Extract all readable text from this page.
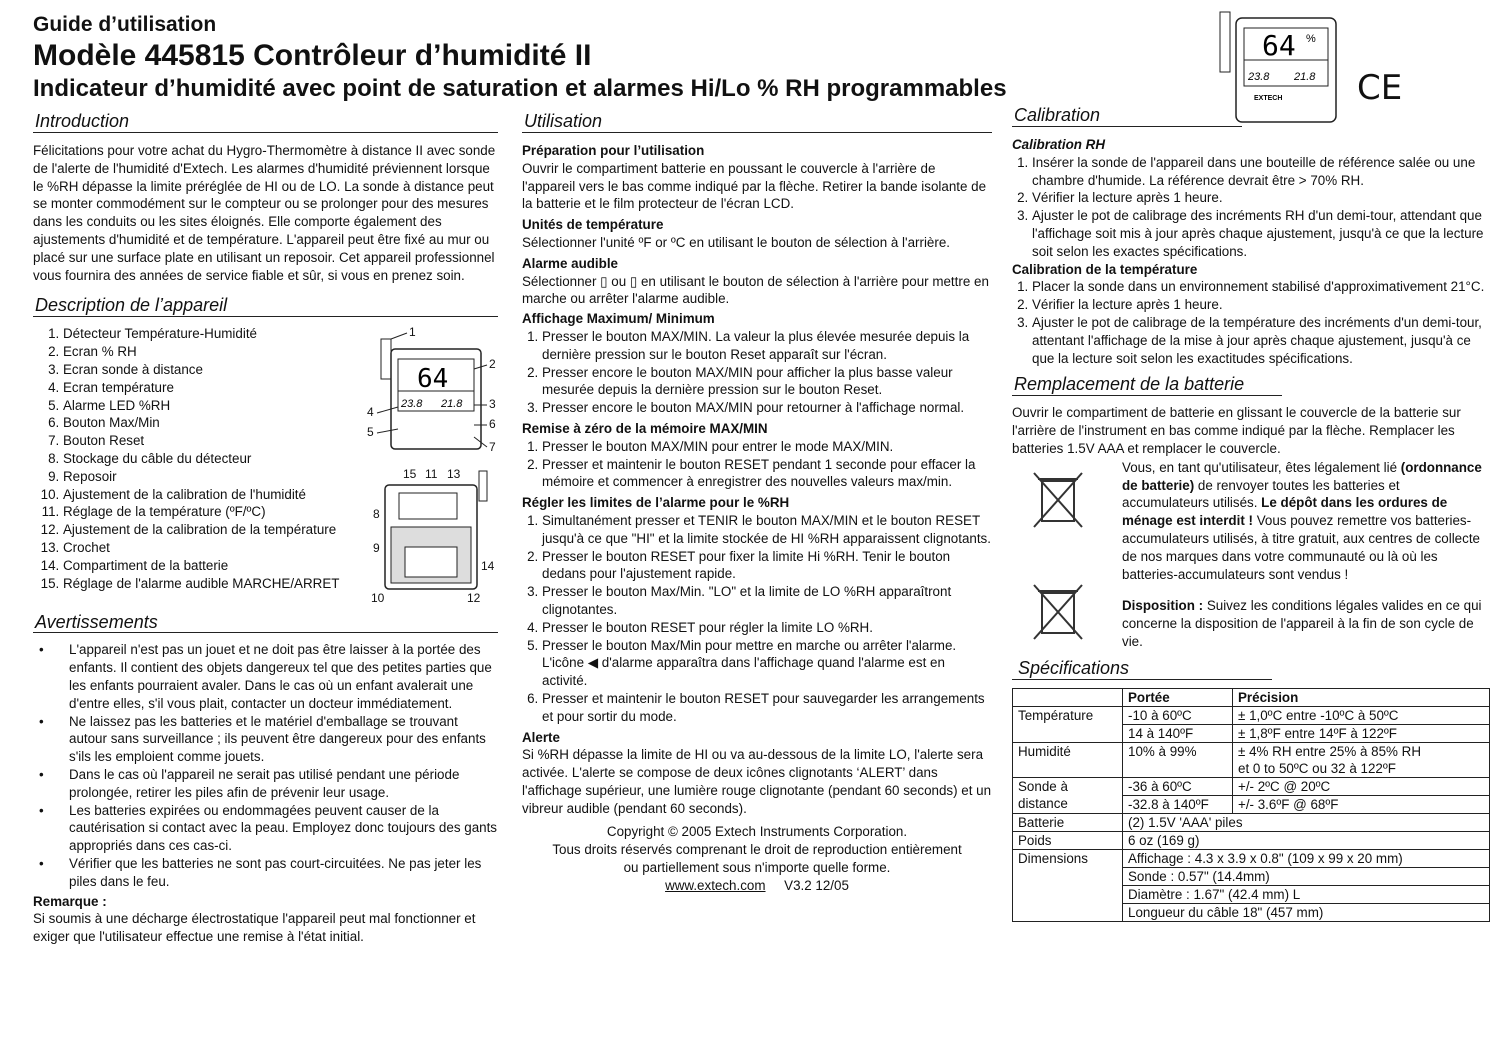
Guide d’utilisation
Modèle 445815 Contrôleur d’humidité II
Indicateur d’humidité avec point de saturation et alarmes Hi/Lo % RH programmables
64 %
23.8 21.8
EXTECH CE
Introduction

Félicitations pour votre achat du Hygro-Thermomètre à distance II avec sonde de l'alerte de l'humidité d'Extech. Les alarmes d'humidité préviennent lorsque le %RH dépasse la limite préréglée de HI ou de LO. La sonde à distance peut se monter commodément sur le compteur ou se prolonger pour des mesures dans les conduits ou les sites éloignés. Elle comporte également des ajustements d'humidité et de température. L'appareil peut être fixé au mur ou placé sur une surface plate en utilisant un reposoir. Cet appareil professionnel vous fournira des années de service fiable et sûr, si vous en prenez soin.

Description de l’appareil
1. Détecteur Température-Humidité
2. Ecran % RH
3. Ecran sonde à distance
4. Ecran température
5. Alarme LED %RH
6. Bouton Max/Min
7. Bouton Reset
8. Stockage du câble du détecteur
9. Reposoir
10. Ajustement de la calibration de l'humidité
11. Réglage de la température (ºF/ºC)
12. Ajustement de la calibration de la température
13. Crochet
14. Compartiment de la batterie
15. Réglage de l'alarme audible MARCHE/ARRET
64
23.8 21.8
1
2
3
4
5
6
7
15 11 13
8
9
14
10	12
Avertissements
• L'appareil n'est pas un jouet et ne doit pas être laisser à la portée des enfants. Il contient des objets dangereux tel que des petites parties que les enfants pourraient avaler. Dans le cas où un enfant avalerait une d'entre elles, s'il vous plait, contacter un docteur immédiatement.
• Ne laissez pas les batteries et le matériel d'emballage se trouvant autour sans surveillance ; ils peuvent être dangereux pour des enfants s'ils les emploient comme jouets.
• Dans le cas où l'appareil ne serait pas utilisé pendant une période prolongée, retirer les piles afin de prévenir leur usage.
• Les batteries expirées ou endommagées peuvent causer de la cautérisation si contact avec la peau. Employez donc toujours des gants appropriés dans ces cas-ci.
• Vérifier que les batteries ne sont pas court-circuitées. Ne pas jeter les piles dans le feu.

Remarque :

Si soumis à une décharge électrostatique l'appareil peut mal fonctionner et exiger que l'utilisateur effectue une remise à l'état initial.

Utilisation

Préparation pour l’utilisation

Ouvrir le compartiment batterie en poussant le couvercle à l'arrière de l'appareil vers le bas comme indiqué par la flèche. Retirer la bande isolante de la batterie et le film protecteur de l'écran LCD.

Unités de température

Sélectionner l'unité ºF or ºC en utilisant le bouton de sélection à l'arrière.

Alarme audible

Sélectionner ▯ ou ▯ en utilisant le bouton de sélection à l'arrière pour mettre en marche ou arrêter l'alarme audible.

Affichage Maximum/ Minimum

1. Presser le bouton MAX/MIN. La valeur la plus élevée mesurée depuis la dernière pression sur le bouton Reset apparaît sur l'écran.
2. Presser encore le bouton MAX/MIN pour afficher la plus basse valeur mesurée depuis la dernière pression sur le bouton Reset.
3. Presser encore le bouton MAX/MIN pour retourner à l'affichage normal.

Remise à zéro de la mémoire MAX/MIN

1. Presser le bouton MAX/MIN pour entrer le mode MAX/MIN.
2. Presser et maintenir le bouton RESET pendant 1 seconde pour effacer la mémoire et commencer à enregistrer des nouvelles valeurs max/min.

Régler les limites de l’alarme pour le %RH

1. Simultanément presser et TENIR le bouton MAX/MIN et le bouton RESET jusqu'à ce que "HI" et la limite stockée de HI %RH apparaissent clignotants.
2. Presser le bouton RESET pour fixer la limite Hi %RH. Tenir le bouton dedans pour l'ajustement rapide.
3. Presser le bouton Max/Min. "LO" et la limite de LO %RH apparaîtront clignotantes.
4. Presser le bouton RESET pour régler la limite LO %RH.
5. Presser le bouton Max/Min pour mettre en marche ou arrêter l'alarme. L'icône ◀ d'alarme apparaîtra dans l'affichage quand l'alarme est en activité.
6. Presser et maintenir le bouton RESET pour sauvegarder les arrangements et pour sortir du mode.

Alerte

Si %RH dépasse la limite de HI ou va au-dessous de la limite LO, l'alerte sera activée. L'alerte se compose de deux icônes clignotants ‘ALERT’ dans l'affichage supérieur, une lumière rouge clignotante (pendant 60 seconds) et un vibreur audible (pendant 60 seconds).

Copyright © 2005 Extech Instruments Corporation.

Tous droits réservés comprenant le droit de reproduction entièrement ou partiellement sous n'importe quelle forme.

www.extech.com V3.2 12/05

Calibration

Calibration RH

1. Insérer la sonde de l'appareil dans une bouteille de référence salée ou une chambre d'humide. La référence devrait être > 70% RH.
2. Vérifier la lecture après 1 heure.
3. Ajuster le pot de calibrage des incréments RH d'un demi-tour, attendant que l'affichage soit mis à jour après chaque ajustement, jusqu'à ce que la lecture soit selon les exactes spécifications.

Calibration de la température

1. Placer la sonde dans un environnement stabilisé d'approximativement 21°C.
2. Vérifier la lecture après 1 heure.
3. Ajuster le pot de calibrage de la température des incréments d'un demi-tour, attentant l'affichage de la mise à jour après chaque ajustement, jusqu'à ce que la lecture soit selon les exactitudes spécifications.
Remplacement de la batterie

Ouvrir le compartiment de batterie en glissant le couvercle de la batterie sur l'arrière de l'instrument en bas comme indiqué par la flèche. Remplacer les batteries 1.5V AAA et remplacer le couvercle.

Vous, en tant qu'utilisateur, êtes légalement lié (ordonnance de batterie) de renvoyer toutes les batteries et accumulateurs utilisés. Le dépôt dans les ordures de ménage est interdit ! Vous pouvez remettre vos batteries-accumulateurs utilisés, à titre gratuit, aux centres de collecte de nos marques dans votre communauté ou là où les batteries-accumulateurs sont vendus !

Disposition : Suivez les conditions légales valides en ce qui concerne la disposition de l'appareil à la fin de son cycle de vie.

Spécifications
	Portée	Précision
Température	-10 à 60ºC	± 1,0ºC entre -10ºC à 50ºC
	14 à 140ºF	± 1,8ºF entre 14ºF à 122ºF
Humidité	10% à 99%	± 4% RH entre 25% à 85% RH
et 0 to 50ºC ou 32 à 122ºF
Sonde à
distance	-36 à 60ºC	+/- 2ºC @ 20ºC
	-32.8 à 140ºF	+/- 3.6ºF @ 68ºF
Batterie	(2) 1.5V 'AAA' piles	
Poids	6 oz (169 g)	
Dimensions	Affichage : 4.3 x 3.9 x 0.8" (109 x 99 x 20 mm)	
	Sonde : 0.57" (14.4mm)	
	Diamètre : 1.67" (42.4 mm) L	
	Longueur du câble 18" (457 mm)	
